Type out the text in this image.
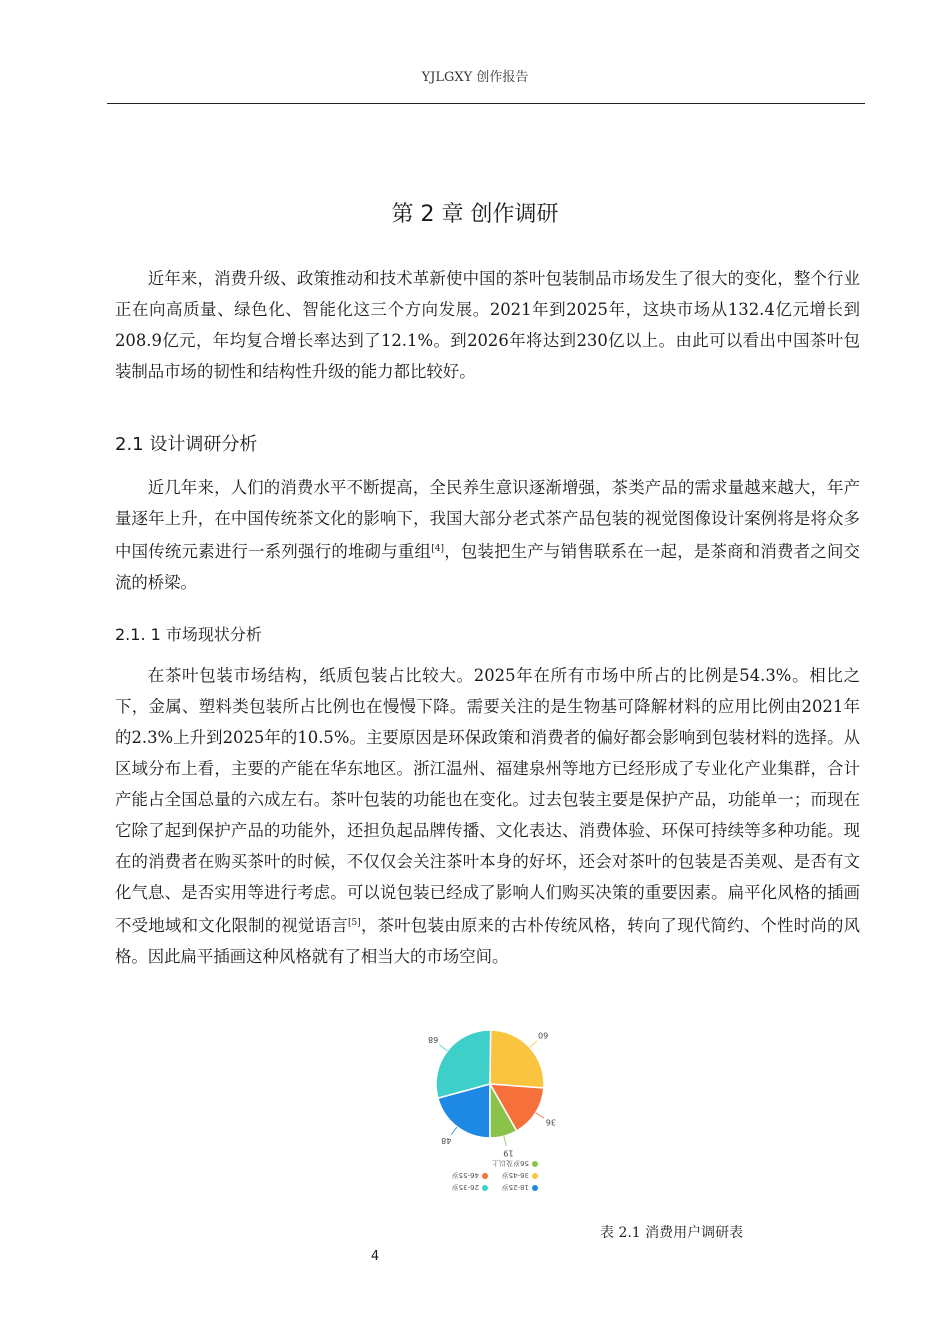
YJLGXY 创作报告
第 2 章 创作调研

近年来，消费升级、政策推动和技术革新使中国的茶叶包装制品市场发生了很大的变化，整个行业正在向高质量、绿色化、智能化这三个方向发展。2021年到2025年，这块市场从132.4亿元增长到208.9亿元，年均复合增长率达到了12.1%。到2026年将达到230亿以上。由此可以看出中国茶叶包装制品市场的韧性和结构性升级的能力都比较好。

2.1 设计调研分析

近几年来，人们的消费水平不断提高，全民养生意识逐渐增强，茶类产品的需求量越来越大，年产量逐年上升，在中国传统茶文化的影响下，我国大部分老式茶产品包装的视觉图像设计案例将是将众多中国传统元素进行一系列强行的堆砌与重组[4]，包装把生产与销售联系在一起，是茶商和消费者之间交流的桥梁。

2.1. 1 市场现状分析

在茶叶包装市场结构，纸质包装占比较大。2025年在所有市场中所占的比例是54.3%。相比之下，金属、塑料类包装所占比例也在慢慢下降。需要关注的是生物基可降解材料的应用比例由2021年的2.3%上升到2025年的10.5%。主要原因是环保政策和消费者的偏好都会影响到包装材料的选择。从区域分布上看，主要的产能在华东地区。浙江温州、福建泉州等地方已经形成了专业化产业集群，合计产能占全国总量的六成左右。茶叶包装的功能也在变化。过去包装主要是保护产品，功能单一；而现在它除了起到保护产品的功能外，还担负起品牌传播、文化表达、消费体验、环保可持续等多种功能。现在的消费者在购买茶叶的时候，不仅仅会关注茶叶本身的好坏，还会对茶叶的包装是否美观、是否有文化气息、是否实用等进行考虑。可以说包装已经成了影响人们购买决策的重要因素。扁平化风格的插画不受地域和文化限制的视觉语言[5]，茶叶包装由原来的古朴传统风格，转向了现代简约、个性时尚的风格。因此扁平插画这种风格就有了相当大的市场空间。

48
68	60
36
19
18-25岁
26-35岁
36-45岁
46-55岁
56岁及以上
表 2.1 消费用户调研表
4
